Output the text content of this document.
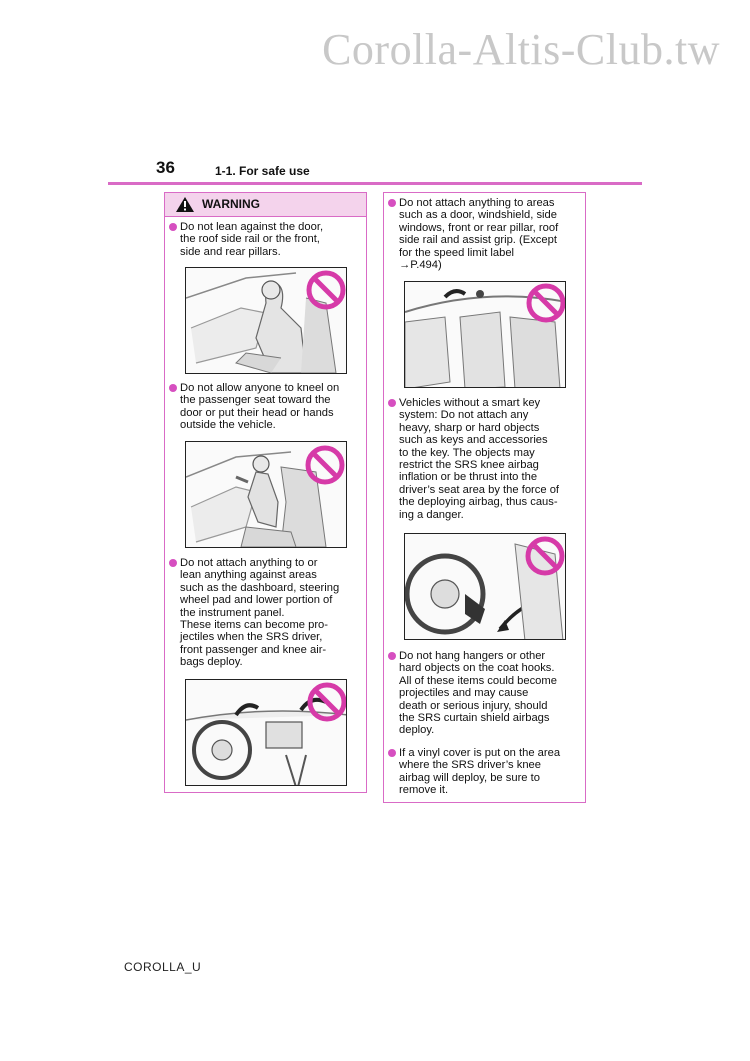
Corolla-Altis-Club.tw
36	1-1. For safe use
WARNING
Do not lean against the door,
the roof side rail or the front,
side and rear pillars.
Do not allow anyone to kneel on
the passenger seat toward the
door or put their head or hands
outside the vehicle.
Do not attach anything to or
lean anything against areas
such as the dashboard, steering
wheel pad and lower portion of
the instrument panel.
These items can become pro-
jectiles when the SRS driver,
front passenger and knee air-
bags deploy.
Do not attach anything to areas
such as a door, windshield, side
windows, front or rear pillar, roof
side rail and assist grip. (Except
for the speed limit label
→P.494)
Vehicles without a smart key
system: Do not attach any
heavy, sharp or hard objects
such as keys and accessories
to the key. The objects may
restrict the SRS knee airbag
inflation or be thrust into the
driver’s seat area by the force of
the deploying airbag, thus caus-
ing a danger.
Do not hang hangers or other
hard objects on the coat hooks.
All of these items could become
projectiles and may cause
death or serious injury, should
the SRS curtain shield airbags
deploy.
If a vinyl cover is put on the area
where the SRS driver’s knee
airbag will deploy, be sure to
remove it.
COROLLA_U
